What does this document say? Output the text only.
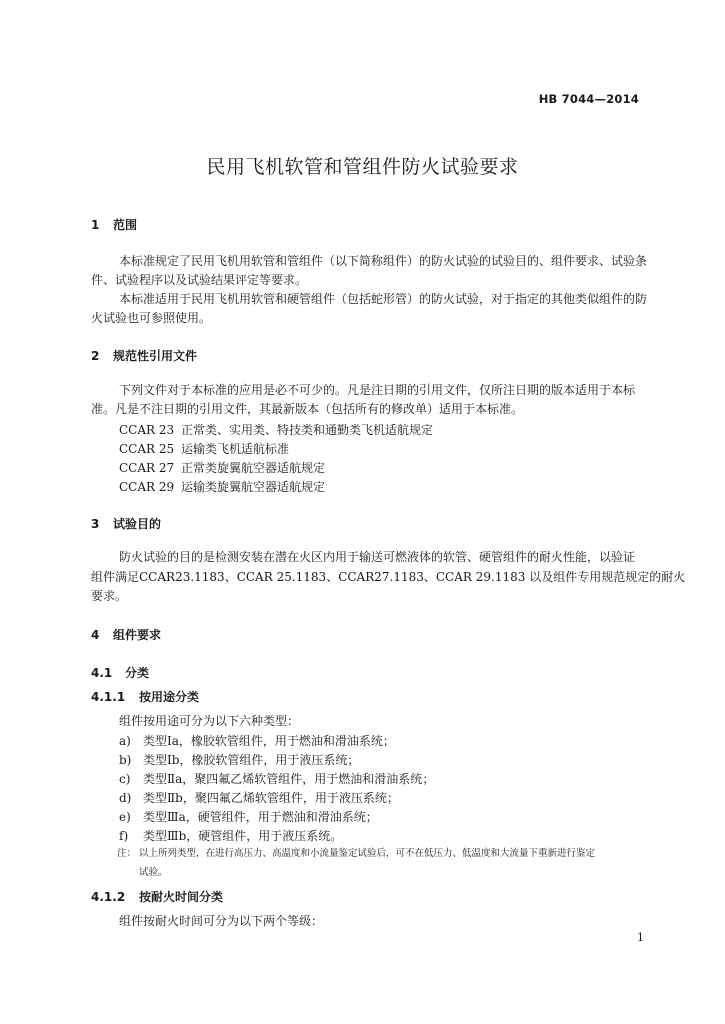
HB 7044—2014
民用飞机软管和管组件防火试验要求
1 范围
本标准规定了民用飞机用软管和管组件（以下简称组件）的防火试验的试验目的、组件要求、试验条
件、试验程序以及试验结果评定等要求。
本标准适用于民用飞机用软管和硬管组件（包括蛇形管）的防火试验，对于指定的其他类似组件的防
火试验也可参照使用。
2 规范性引用文件
下列文件对于本标准的应用是必不可少的。凡是注日期的引用文件，仅所注日期的版本适用于本标
准。凡是不注日期的引用文件，其最新版本（包括所有的修改单）适用于本标准。
CCAR 23 正常类、实用类、特技类和通勤类飞机适航规定
CCAR 25 运输类飞机适航标准
CCAR 27 正常类旋翼航空器适航规定
CCAR 29 运输类旋翼航空器适航规定
3 试验目的
防火试验的目的是检测安装在潜在火区内用于输送可燃液体的软管、硬管组件的耐火性能，以验证
组件满足CCAR23.1183、CCAR 25.1183、CCAR27.1183、CCAR 29.1183 以及组件专用规范规定的耐火
要求。
4 组件要求
4.1 分类
4.1.1 按用途分类
组件按用途可分为以下六种类型：
a) 类型Ⅰa，橡胶软管组件，用于燃油和滑油系统；
b) 类型Ⅰb，橡胶软管组件，用于液压系统；
c) 类型Ⅱa，聚四氟乙烯软管组件，用于燃油和滑油系统；
d) 类型Ⅱb，聚四氟乙烯软管组件，用于液压系统；
e) 类型Ⅲa，硬管组件，用于燃油和滑油系统；
f) 类型Ⅲb，硬管组件，用于液压系统。
注： 以上所列类型，在进行高压力、高温度和小流量鉴定试验后，可不在低压力、低温度和大流量下重新进行鉴定
试验。
4.1.2 按耐火时间分类
组件按耐火时间可分为以下两个等级：
1
